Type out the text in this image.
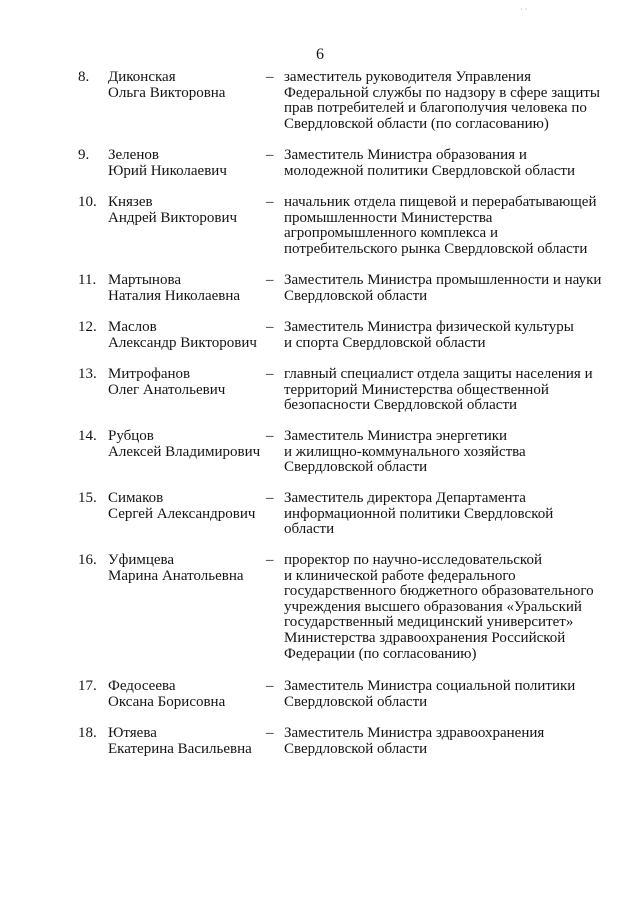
· ·
6
8.	Диконская
Ольга Викторовна
– заместитель руководителя Управления
Федеральной службы по надзору в сфере защиты
прав потребителей и благополучия человека по
Свердловской области (по согласованию)
9.	Зеленов
Юрий Николаевич
– Заместитель Министра образования и
молодежной политики Свердловской области
10. Князев
Андрей Викторович
– начальник отдела пищевой и перерабатывающей
промышленности Министерства
агропромышленного комплекса и
потребительского рынка Свердловской области
11. Мартынова
Наталия Николаевна
– Заместитель Министра промышленности и науки
Свердловской области
12. Маслов
Александр Викторович
– Заместитель Министра физической культуры
и спорта Свердловской области
13. Митрофанов
Олег Анатольевич
– главный специалист отдела защиты населения и
территорий Министерства общественной
безопасности Свердловской области
14. Рубцов
Алексей Владимирович
– Заместитель Министра энергетики
и жилищно-коммунального хозяйства
Свердловской области
15. Симаков
Сергей Александрович
– Заместитель директора Департамента
информационной политики Свердловской
области
16. Уфимцева
Марина Анатольевна
– проректор по научно-исследовательской
и клинической работе федерального
государственного бюджетного образовательного
учреждения высшего образования «Уральский
государственный медицинский университет»
Министерства здравоохранения Российской
Федерации (по согласованию)
17. Федосеева
Оксана Борисовна
– Заместитель Министра социальной политики
Свердловской области
18. Ютяева
Екатерина Васильевна
– Заместитель Министра здравоохранения
Свердловской области
